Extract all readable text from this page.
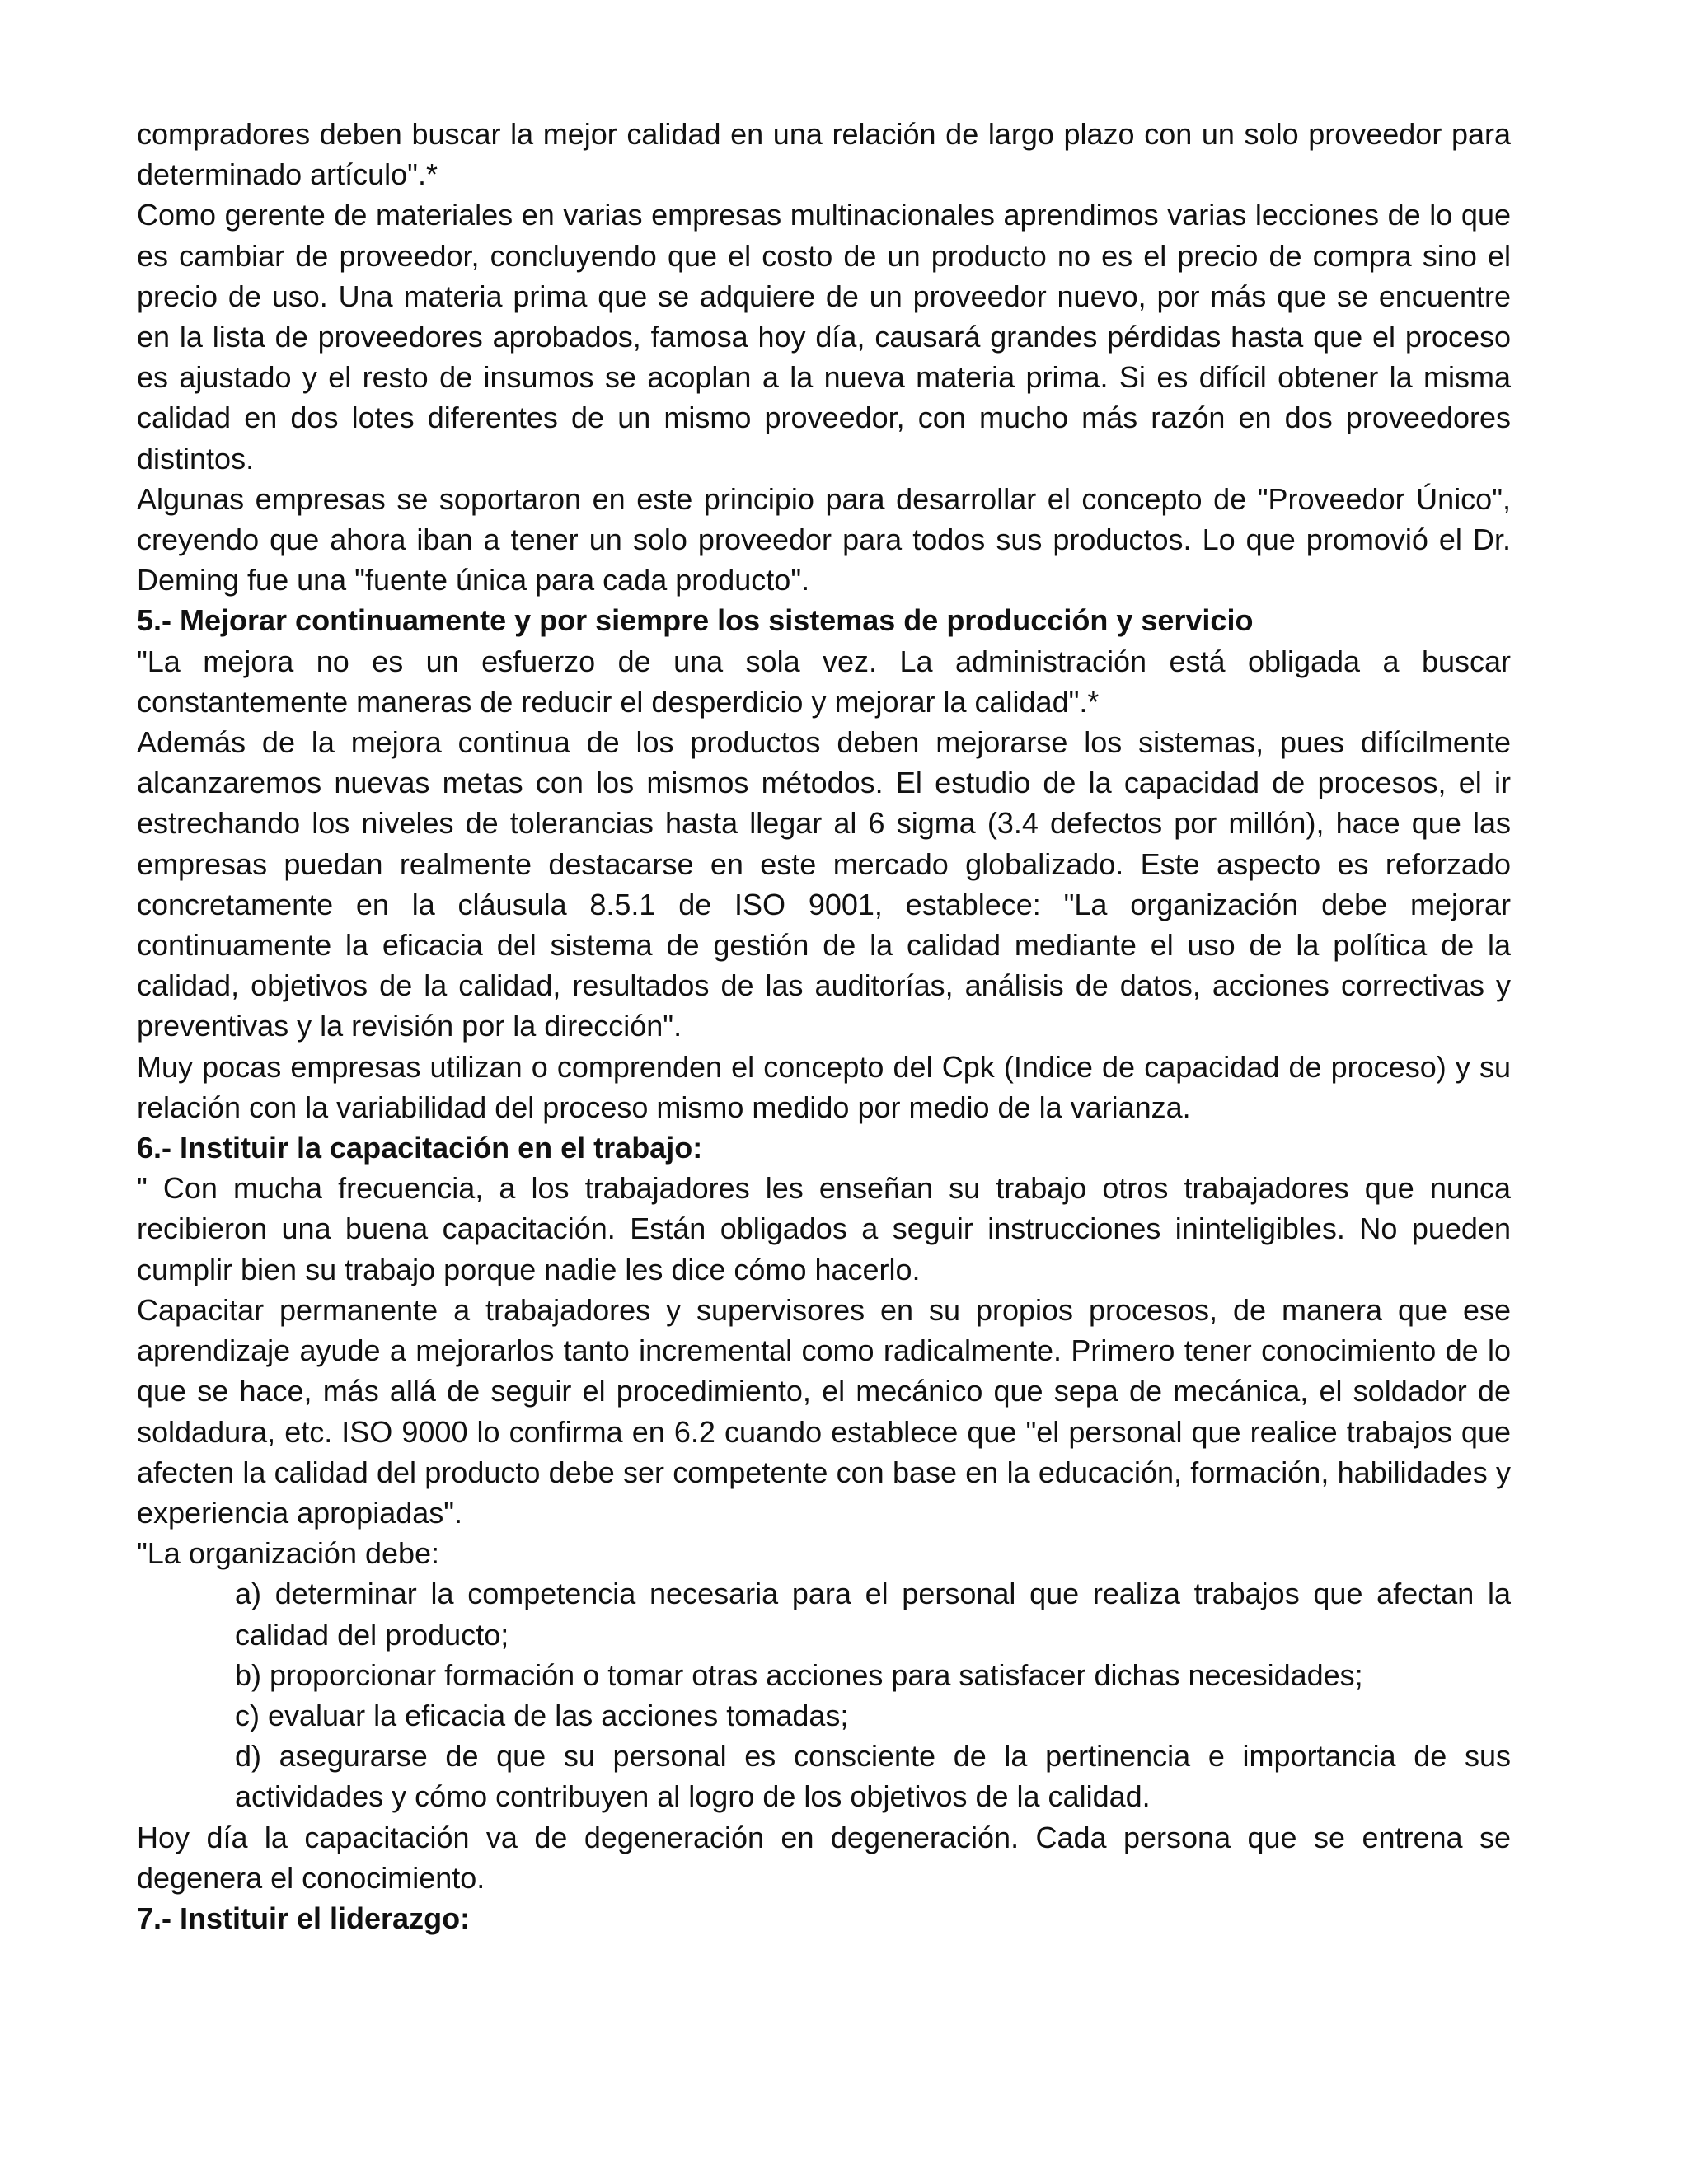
compradores deben buscar la mejor calidad en una relación de largo plazo con un solo proveedor para determinado artículo".*

Como gerente de materiales en varias empresas multinacionales aprendimos varias lecciones de lo que es cambiar de proveedor, concluyendo que el costo de un producto no es el precio de compra sino el precio de uso. Una materia prima que se adquiere de un proveedor nuevo, por más que se encuentre en la lista de proveedores aprobados, famosa hoy día, causará grandes pérdidas hasta que el proceso es ajustado y el resto de insumos se acoplan a la nueva materia prima. Si es difícil obtener la misma calidad en dos lotes diferentes de un mismo proveedor, con mucho más razón en dos proveedores distintos.

Algunas empresas se soportaron en este principio para desarrollar el concepto de "Proveedor Único", creyendo que ahora iban a tener un solo proveedor para todos sus productos. Lo que promovió el Dr. Deming fue una "fuente única para cada producto".

5.- Mejorar continuamente y por siempre los sistemas de producción y servicio

"La mejora no es un esfuerzo de una sola vez. La administración está obligada a buscar constantemente maneras de reducir el desperdicio y mejorar la calidad".*

Además de la mejora continua de los productos deben mejorarse los sistemas, pues difícilmente alcanzaremos nuevas metas con los mismos métodos. El estudio de la capacidad de procesos, el ir estrechando los niveles de tolerancias hasta llegar al 6 sigma (3.4 defectos por millón), hace que las empresas puedan realmente destacarse en este mercado globalizado. Este aspecto es reforzado concretamente en la cláusula 8.5.1 de ISO 9001, establece: "La organización debe mejorar continuamente la eficacia del sistema de gestión de la calidad mediante el uso de la política de la calidad, objetivos de la calidad, resultados de las auditorías, análisis de datos, acciones correctivas y preventivas y la revisión por la dirección".

Muy pocas empresas utilizan o comprenden el concepto del Cpk (Indice de capacidad de proceso) y su relación con la variabilidad del proceso mismo medido por medio de la varianza.

6.- Instituir la capacitación en el trabajo:

" Con mucha frecuencia, a los trabajadores les enseñan su trabajo otros trabajadores que nunca recibieron una buena capacitación. Están obligados a seguir instrucciones ininteligibles. No pueden cumplir bien su trabajo porque nadie les dice cómo hacerlo.

Capacitar permanente a trabajadores y supervisores en su propios procesos, de manera que ese aprendizaje ayude a mejorarlos tanto incremental como radicalmente. Primero tener conocimiento de lo que se hace, más allá de seguir el procedimiento, el mecánico que sepa de mecánica, el soldador de soldadura, etc. ISO 9000 lo confirma en 6.2 cuando establece que "el personal que realice trabajos que afecten la calidad del producto debe ser competente con base en la educación, formación, habilidades y experiencia apropiadas".

"La organización debe:

a) determinar la competencia necesaria para el personal que realiza trabajos que afectan la calidad del producto;
b) proporcionar formación o tomar otras acciones para satisfacer dichas necesidades;
c) evaluar la eficacia de las acciones tomadas;
d) asegurarse de que su personal es consciente de la pertinencia e importancia de sus actividades y cómo contribuyen al logro de los objetivos de la calidad.

Hoy día la capacitación va de degeneración en degeneración. Cada persona que se entrena se degenera el conocimiento.

7.- Instituir el liderazgo:
